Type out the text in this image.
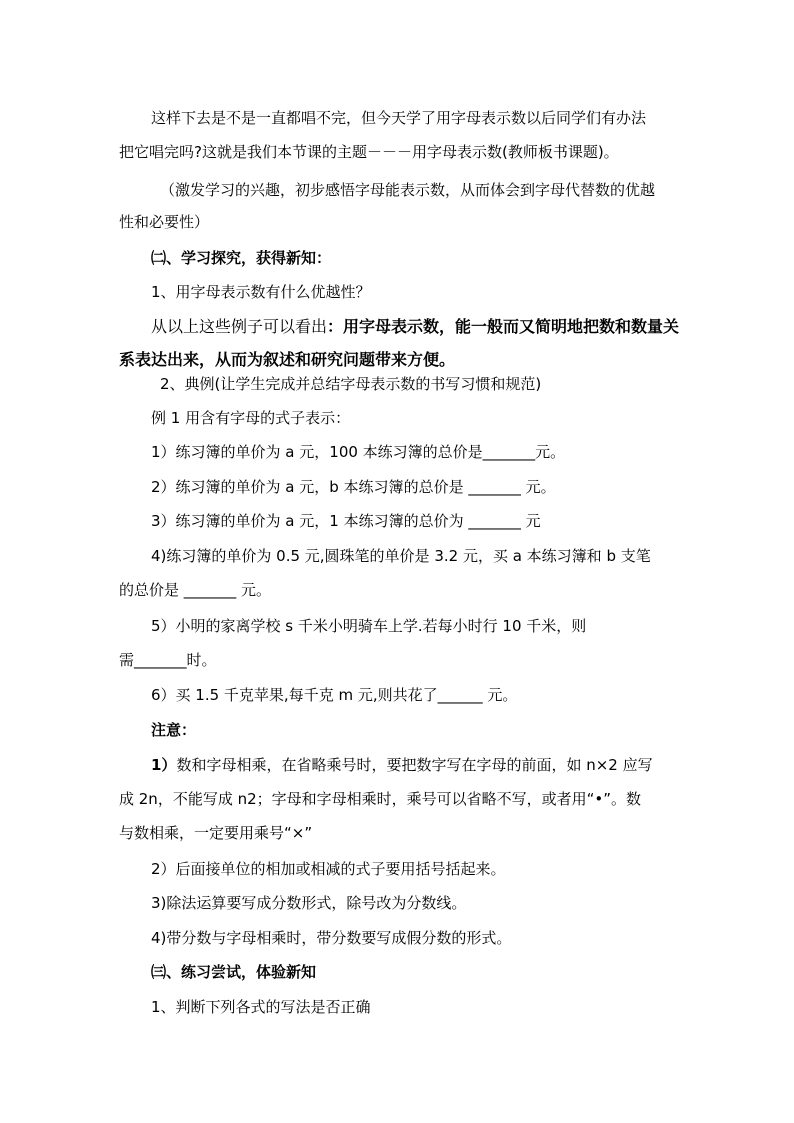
这样下去是不是一直都唱不完，但今天学了用字母表示数以后同学们有办法
把它唱完吗?这就是我们本节课的主题－－－用字母表示数(教师板书课题)。
（激发学习的兴趣，初步感悟字母能表示数，从而体会到字母代替数的优越
性和必要性）
㈡、学习探究，获得新知：
1、用字母表示数有什么优越性？
从以上这些例子可以看出：用字母表示数，能一般而又简明地把数和数量关
系表达出来，从而为叙述和研究问题带来方便。
2、典例(让学生完成并总结字母表示数的书写习惯和规范)
例 1 用含有字母的式子表示：
1）练习簿的单价为 a 元，100 本练习簿的总价是_______元。
2）练习簿的单价为 a 元，b 本练习簿的总价是 _______ 元。
3）练习簿的单价为 a 元，1 本练习簿的总价为 _______ 元
4)练习簿的单价为 0.5 元,圆珠笔的单价是 3.2 元，买 a 本练习簿和 b 支笔
的总价是 _______ 元。
5）小明的家离学校 s 千米小明骑车上学.若每小时行 10 千米，则
需_______时。
6）买 1.5 千克苹果,每千克 m 元,则共花了______ 元。
注意：
1）数和字母相乘，在省略乘号时，要把数字写在字母的前面，如 n×2 应写
成 2n，不能写成 n2；字母和字母相乘时，乘号可以省略不写，或者用“•”。数
与数相乘，一定要用乘号“×”
2）后面接单位的相加或相减的式子要用括号括起来。
3)除法运算要写成分数形式，除号改为分数线。
4)带分数与字母相乘时，带分数要写成假分数的形式。
㈢、练习尝试，体验新知
1、判断下列各式的写法是否正确
